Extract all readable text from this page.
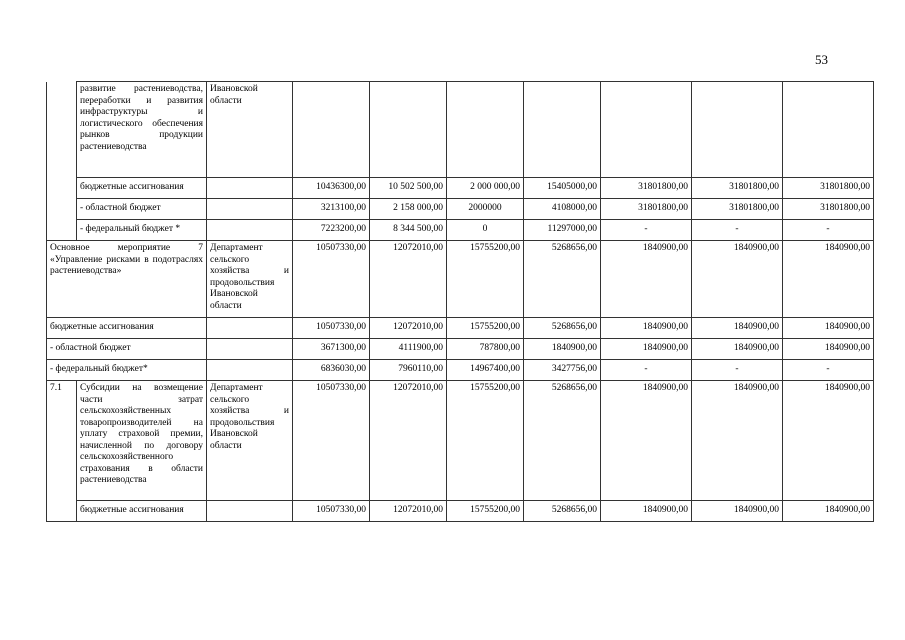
53
	развитие растениеводства, переработки и развития инфраструктуры и логистического обеспечения рынков продукции растениеводства	Ивановской области							
	бюджетные ассигнования		10436300,00	10 502 500,00	2 000 000,00	15405000,00	31801800,00	31801800,00	31801800,00
	- областной бюджет		3213100,00	2 158 000,00	2000000	4108000,00	31801800,00	31801800,00	31801800,00
	- федеральный бюджет *		7223200,00	8 344 500,00	0	11297000,00	-	-	-
Основное мероприятие 7 «Управление рисками в подотраслях растениеводства»		Департамент сельского хозяйства и продовольствия Ивановской области	10507330,00	12072010,00	15755200,00	5268656,00	1840900,00	1840900,00	1840900,00
бюджетные ассигнования			10507330,00	12072010,00	15755200,00	5268656,00	1840900,00	1840900,00	1840900,00
- областной бюджет			3671300,00	4111900,00	787800,00	1840900,00	1840900,00	1840900,00	1840900,00
- федеральный бюджет*			6836030,00	7960110,00	14967400,00	3427756,00	-	-	-
7.1	Субсидии на возмещение части затрат сельскохозяйственных товаропроизводителей на уплату страховой премии, начисленной по договору сельскохозяйственного страхования в области растениеводства	Департамент сельского хозяйства и продовольствия Ивановской области	10507330,00	12072010,00	15755200,00	5268656,00	1840900,00	1840900,00	1840900,00
	бюджетные ассигнования		10507330,00	12072010,00	15755200,00	5268656,00	1840900,00	1840900,00	1840900,00
